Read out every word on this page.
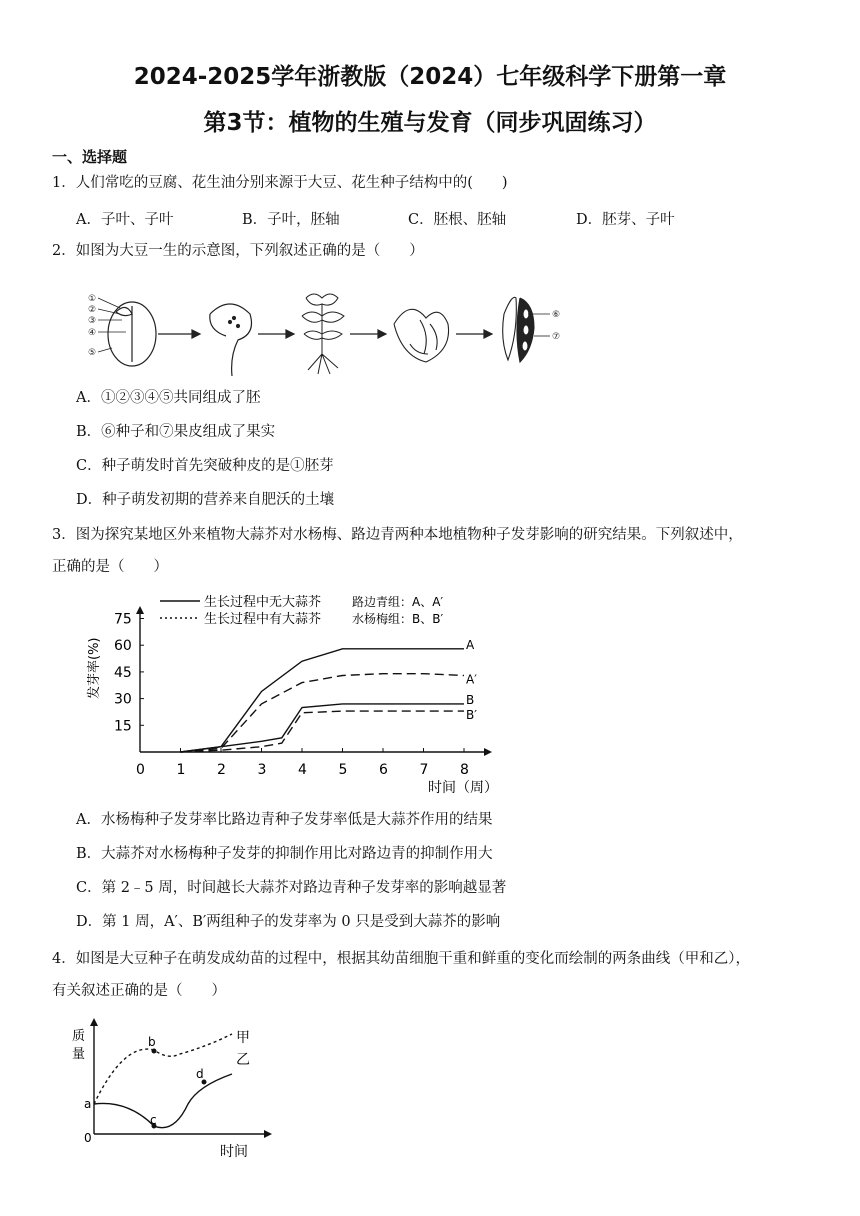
2024-2025学年浙教版（2024）七年级科学下册第一章
第3节：植物的生殖与发育（同步巩固练习）
一、选择题
1．人们常吃的豆腐、花生油分别来源于大豆、花生种子结构中的(　　)
A．子叶、子叶	B．子叶，胚轴	C．胚根、胚轴	D．胚芽、子叶
2．如图为大豆一生的示意图，下列叙述正确的是（　　）
①
②
③
④
⑤
⑥
⑦
A．①②③④⑤共同组成了胚
B．⑥种子和⑦果皮组成了果实
C．种子萌发时首先突破种皮的是①胚芽
D．种子萌发初期的营养来自肥沃的土壤
3．图为探究某地区外来植物大蒜芥对水杨梅、路边青两种本地植物种子发芽影响的研究结果。下列叙述中，
正确的是（　　）
生长过程中无大蒜芥
生长过程中有大蒜芥
路边青组：A、A′
水杨梅组：B、B′
发芽率(%)
时间（周）
0 1 2 3 4 5 6 7 8
15
30
45
60
75
A
A′
B
B′
A．水杨梅种子发芽率比路边青种子发芽率低是大蒜芥作用的结果
B．大蒜芥对水杨梅种子发芽的抑制作用比对路边青的抑制作用大
C．第 2﹣5 周，时间越长大蒜芥对路边青种子发芽率的影响越显著
D．第 1 周，A′、B′两组种子的发芽率为 0 只是受到大蒜芥的影响
4．如图是大豆种子在萌发成幼苗的过程中，根据其幼苗细胞干重和鲜重的变化而绘制的两条曲线（甲和乙），
有关叙述正确的是（　　）
质
量
时间
0
a
b
c
d
甲
乙
